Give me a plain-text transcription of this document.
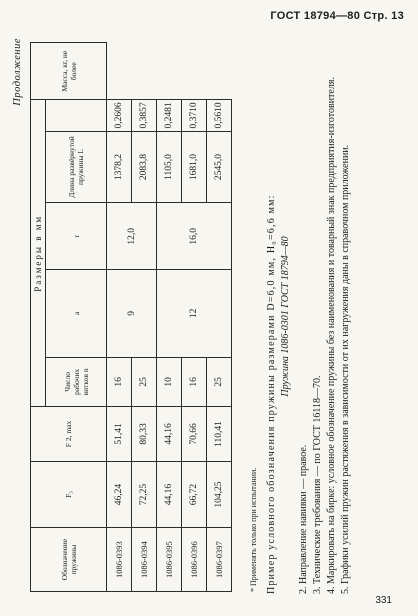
ГОСТ 18794—80 Стр. 13
Продолжение
Обозначение пружины	F₃	F 2, max	Размеры в мм					Масса, кг, не более
			Число рабочих витков n	a	r	Длина развёрнутой пружины L		
1086-0393	46,24	51,41	16	9	12,0	1378,2	0,2606	
1086-0394	72,25	80,33	25			2083,8	0,3857	
1086-0395	44,16	44,16	10	12	16,0	1105,0	0,2481	
1086-0396	66,72	70,66	16			1681,0	0,3710	
1086-0397	104,25	110,41	25			2545,0	0,5610	
* Применять только при испытании. Пример условного обозначения пружины размерами D=6,0 мм, H₀=6,6 мм: Пружина 1086-0301 ГОСТ 18794—80

2. Направление навивки — правое. 3. Технические требования — по ГОСТ 16118—70. 4. Маркировать на бирке: условное обозначение пружины без наименования и товарный знак предприятия-изготовителя. 5. Графики усилий пружин растяжения в зависимости от их нагружения даны в справочном приложении.

331
